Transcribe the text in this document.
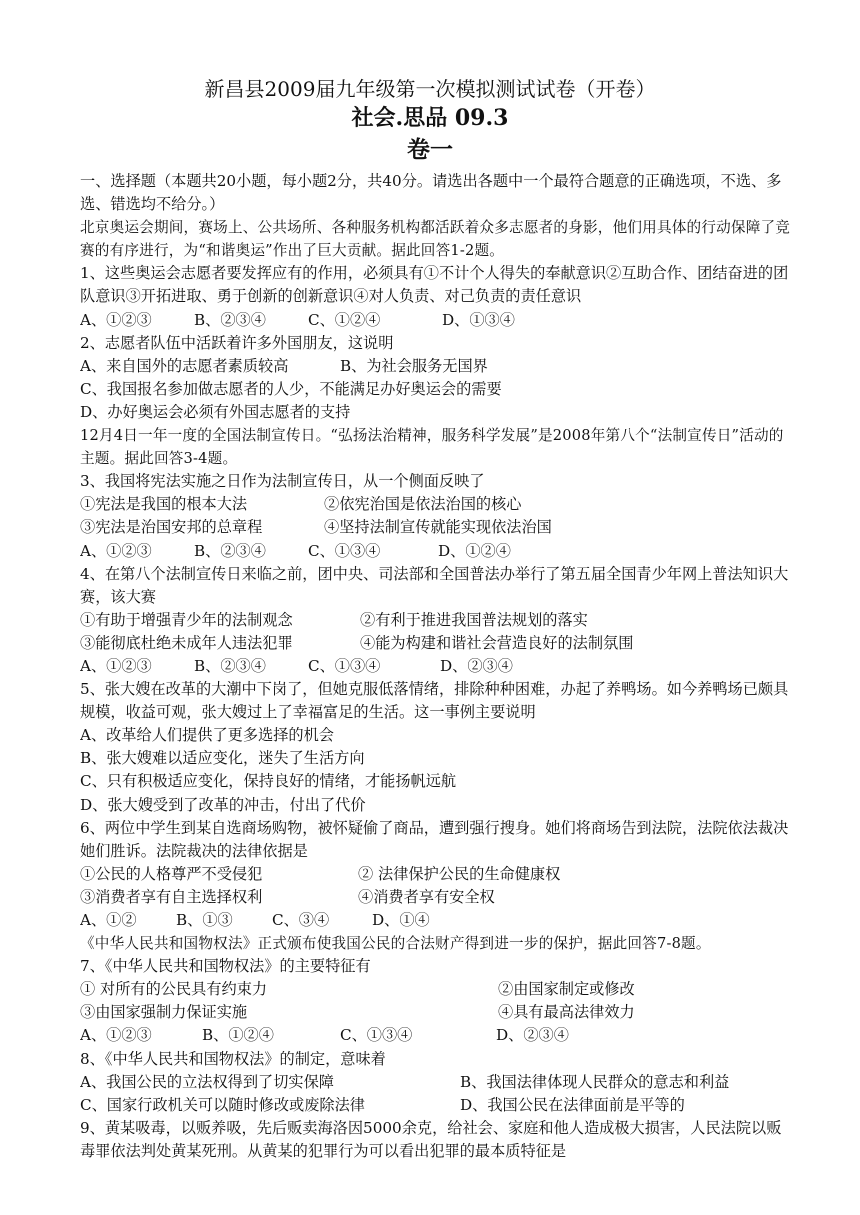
新昌县2009届九年级第一次模拟测试试卷（开卷）
社会.思品 09.3
卷一
一、选择题（本题共20小题，每小题2分，共40分。请选出各题中一个最符合题意的正确选项，不选、多选、错选均不给分。）
北京奥运会期间，赛场上、公共场所、各种服务机构都活跃着众多志愿者的身影，他们用具体的行动保障了竞赛的有序进行，为“和谐奥运”作出了巨大贡献。据此回答1-2题。
1、这些奥运会志愿者要发挥应有的作用，必须具有①不计个人得失的奉献意识②互助合作、团结奋进的团队意识③开拓进取、勇于创新的创新意识④对人负责、对己负责的责任意识
A、①②③	B、②③④	C、①②④	D、①③④
2、志愿者队伍中活跃着许多外国朋友，这说明
A、来自国外的志愿者素质较高	B、为社会服务无国界
C、我国报名参加做志愿者的人少，不能满足办好奥运会的需要
D、办好奥运会必须有外国志愿者的支持
12月4日一年一度的全国法制宣传日。“弘扬法治精神，服务科学发展”是2008年第八个“法制宣传日”活动的主题。据此回答3-4题。
3、我国将宪法实施之日作为法制宣传日，从一个侧面反映了
①宪法是我国的根本大法	②依宪治国是依法治国的核心
③宪法是治国安邦的总章程	④坚持法制宣传就能实现依法治国
A、①②③	B、②③④	C、①③④	D、①②④
4、在第八个法制宣传日来临之前，团中央、司法部和全国普法办举行了第五届全国青少年网上普法知识大赛，该大赛
①有助于增强青少年的法制观念	②有利于推进我国普法规划的落实
③能彻底杜绝未成年人违法犯罪	④能为构建和谐社会营造良好的法制氛围
A、①②③	B、②③④	C、①③④	D、②③④
5、张大嫂在改革的大潮中下岗了，但她克服低落情绪，排除种种困难，办起了养鸭场。如今养鸭场已颇具规模，收益可观，张大嫂过上了幸福富足的生活。这一事例主要说明
A、改革给人们提供了更多选择的机会
B、张大嫂难以适应变化，迷失了生活方向
C、只有积极适应变化，保持良好的情绪，才能扬帆远航
D、张大嫂受到了改革的冲击，付出了代价
6、两位中学生到某自选商场购物，被怀疑偷了商品，遭到强行搜身。她们将商场告到法院，法院依法裁决她们胜诉。法院裁决的法律依据是
①公民的人格尊严不受侵犯	② 法律保护公民的生命健康权
③消费者享有自主选择权利	④消费者享有安全权
A、①②	B、①③	C、③④	D、①④
《中华人民共和国物权法》正式颁布使我国公民的合法财产得到进一步的保护，据此回答7-8题。
7、《中华人民共和国物权法》的主要特征有
① 对所有的公民具有约束力	②由国家制定或修改
③由国家强制力保证实施	④具有最高法律效力
A、①②③	B、①②④	C、①③④	D、②③④
8、《中华人民共和国物权法》的制定，意味着
A、我国公民的立法权得到了切实保障	B、我国法律体现人民群众的意志和利益
C、国家行政机关可以随时修改或废除法律	D、我国公民在法律面前是平等的
9、黄某吸毒，以贩养吸，先后贩卖海洛因5000余克，给社会、家庭和他人造成极大损害，人民法院以贩毒罪依法判处黄某死刑。从黄某的犯罪行为可以看出犯罪的最本质特征是
